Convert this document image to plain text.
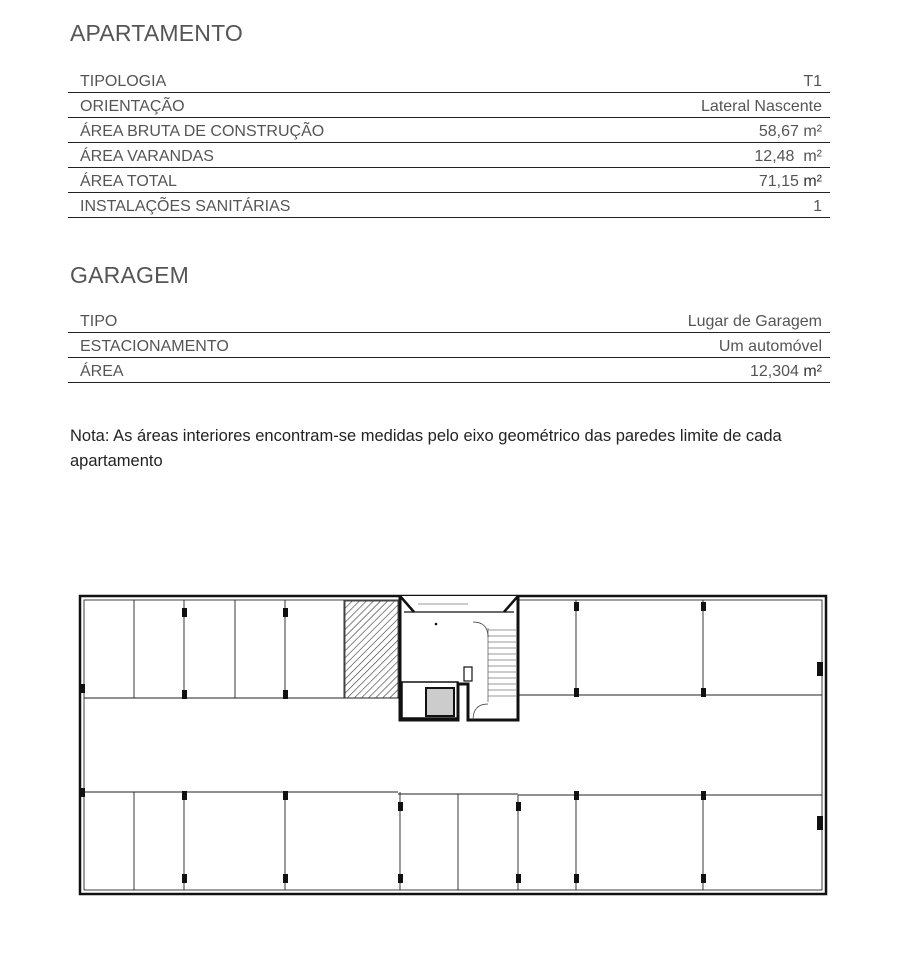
APARTAMENTO
TIPOLOGIA	T1
ORIENTAÇÃO	Lateral Nascente
ÁREA BRUTA DE CONSTRUÇÃO	58,67 m²
ÁREA VARANDAS	12,48 m²
ÁREA TOTAL	71,15 m²
INSTALAÇÕES SANITÁRIAS	1
GARAGEM
TIPO	Lugar de Garagem
ESTACIONAMENTO	Um automóvel
ÁREA	12,304 m²
Nota: As áreas interiores encontram-se medidas pelo eixo geométrico das paredes limite de cada apartamento
